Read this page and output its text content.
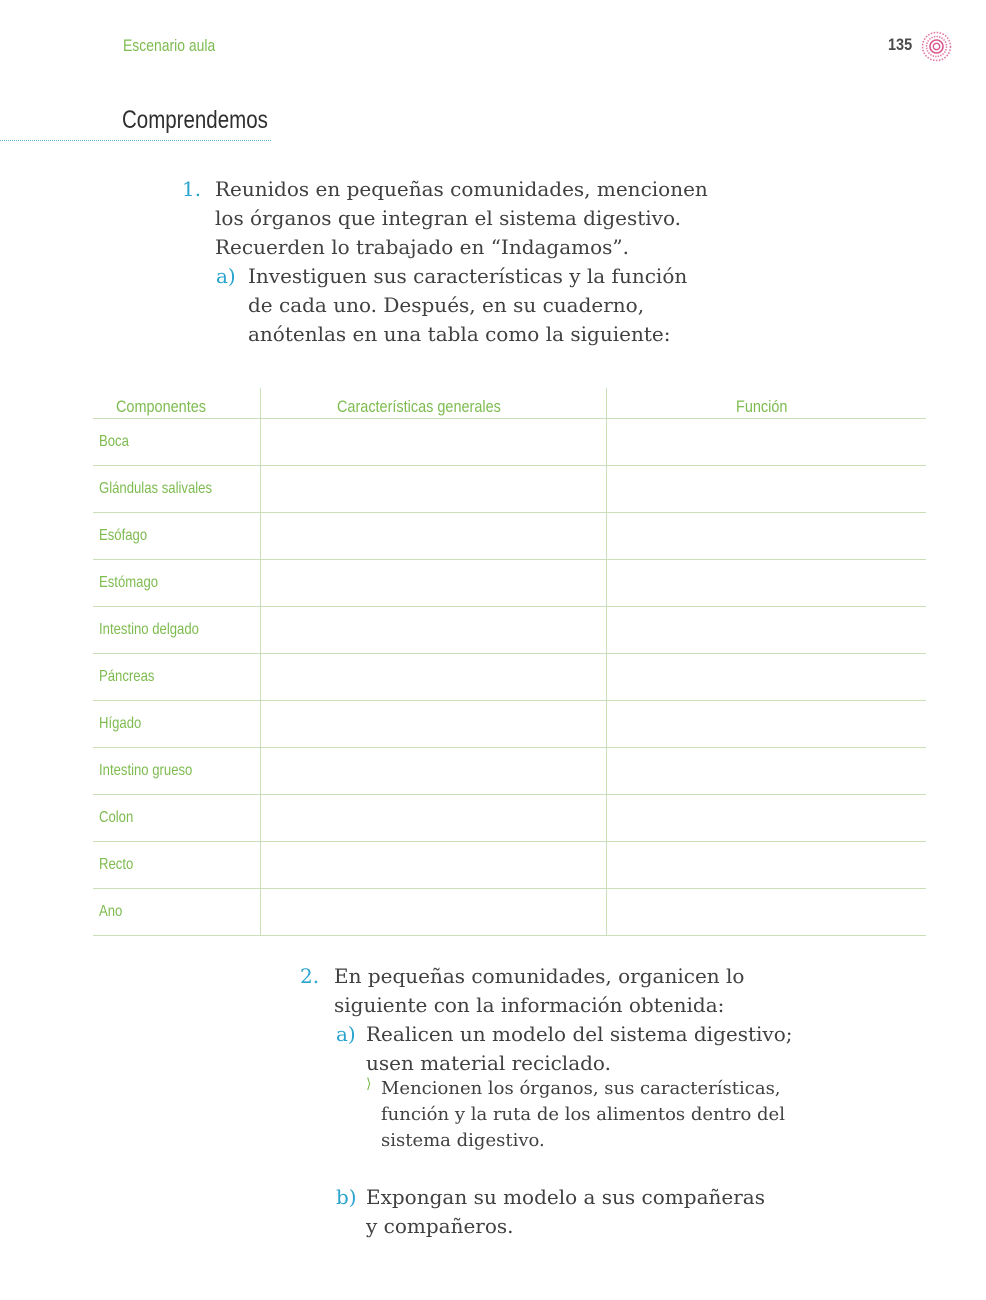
Escenario aula	135
Comprendemos
1. Reunidos en pequeñas comunidades, mencionen
los órganos que integran el sistema digestivo.
Recuerden lo trabajado en “Indagamos”.
a) Investiguen sus características y la función
de cada uno. Después, en su cuaderno,
anótenlas en una tabla como la siguiente:
Componentes	Características generales	Función
Boca		
Glándulas salivales		
Esófago		
Estómago		
Intestino delgado		
Páncreas		
Hígado		
Intestino grueso		
Colon		
Recto		
Ano		
2. En pequeñas comunidades, organicen lo
siguiente con la información obtenida:
a) Realicen un modelo del sistema digestivo;
usen material reciclado.
⟩ Mencionen los órganos, sus características,
función y la ruta de los alimentos dentro del
sistema digestivo.
b) Expongan su modelo a sus compañeras
y compañeros.
